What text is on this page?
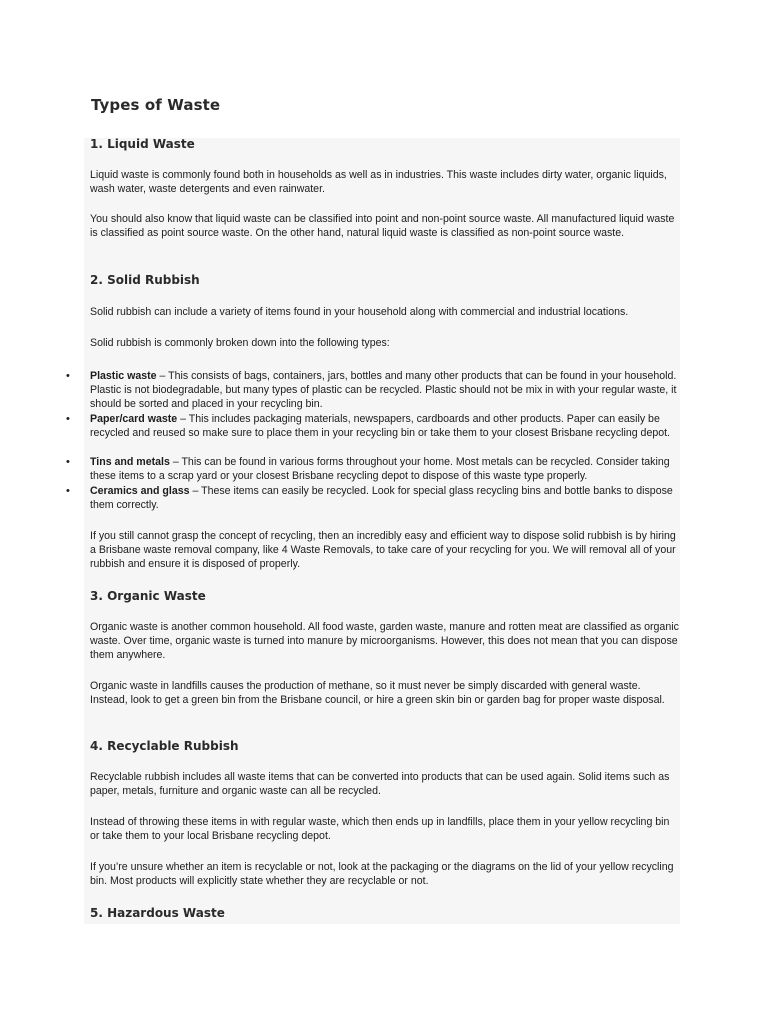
Types of Waste
1. Liquid Waste
Liquid waste is commonly found both in households as well as in industries. This waste includes dirty water, organic liquids, wash water, waste detergents and even rainwater.
You should also know that liquid waste can be classified into point and non-point source waste. All manufactured liquid waste is classified as point source waste. On the other hand, natural liquid waste is classified as non-point source waste.
2. Solid Rubbish
Solid rubbish can include a variety of items found in your household along with commercial and industrial locations.
Solid rubbish is commonly broken down into the following types:
• Plastic waste – This consists of bags, containers, jars, bottles and many other products that can be found in your household. Plastic is not biodegradable, but many types of plastic can be recycled. Plastic should not be mix in with your regular waste, it should be sorted and placed in your recycling bin.
• Paper/card waste – This includes packaging materials, newspapers, cardboards and other products. Paper can easily be recycled and reused so make sure to place them in your recycling bin or take them to your closest Brisbane recycling depot.
• Tins and metals – This can be found in various forms throughout your home. Most metals can be recycled. Consider taking these items to a scrap yard or your closest Brisbane recycling depot to dispose of this waste type properly.
• Ceramics and glass – These items can easily be recycled. Look for special glass recycling bins and bottle banks to dispose them correctly.
If you still cannot grasp the concept of recycling, then an incredibly easy and efficient way to dispose solid rubbish is by hiring a Brisbane waste removal company, like 4 Waste Removals, to take care of your recycling for you. We will removal all of your rubbish and ensure it is disposed of properly.
3. Organic Waste
Organic waste is another common household. All food waste, garden waste, manure and rotten meat are classified as organic waste. Over time, organic waste is turned into manure by microorganisms. However, this does not mean that you can dispose them anywhere.
Organic waste in landfills causes the production of methane, so it must never be simply discarded with general waste. Instead, look to get a green bin from the Brisbane council, or hire a green skin bin or garden bag for proper waste disposal.
4. Recyclable Rubbish
Recyclable rubbish includes all waste items that can be converted into products that can be used again. Solid items such as paper, metals, furniture and organic waste can all be recycled.
Instead of throwing these items in with regular waste, which then ends up in landfills, place them in your yellow recycling bin or take them to your local Brisbane recycling depot.
If you’re unsure whether an item is recyclable or not, look at the packaging or the diagrams on the lid of your yellow recycling bin. Most products will explicitly state whether they are recyclable or not.
5. Hazardous Waste
